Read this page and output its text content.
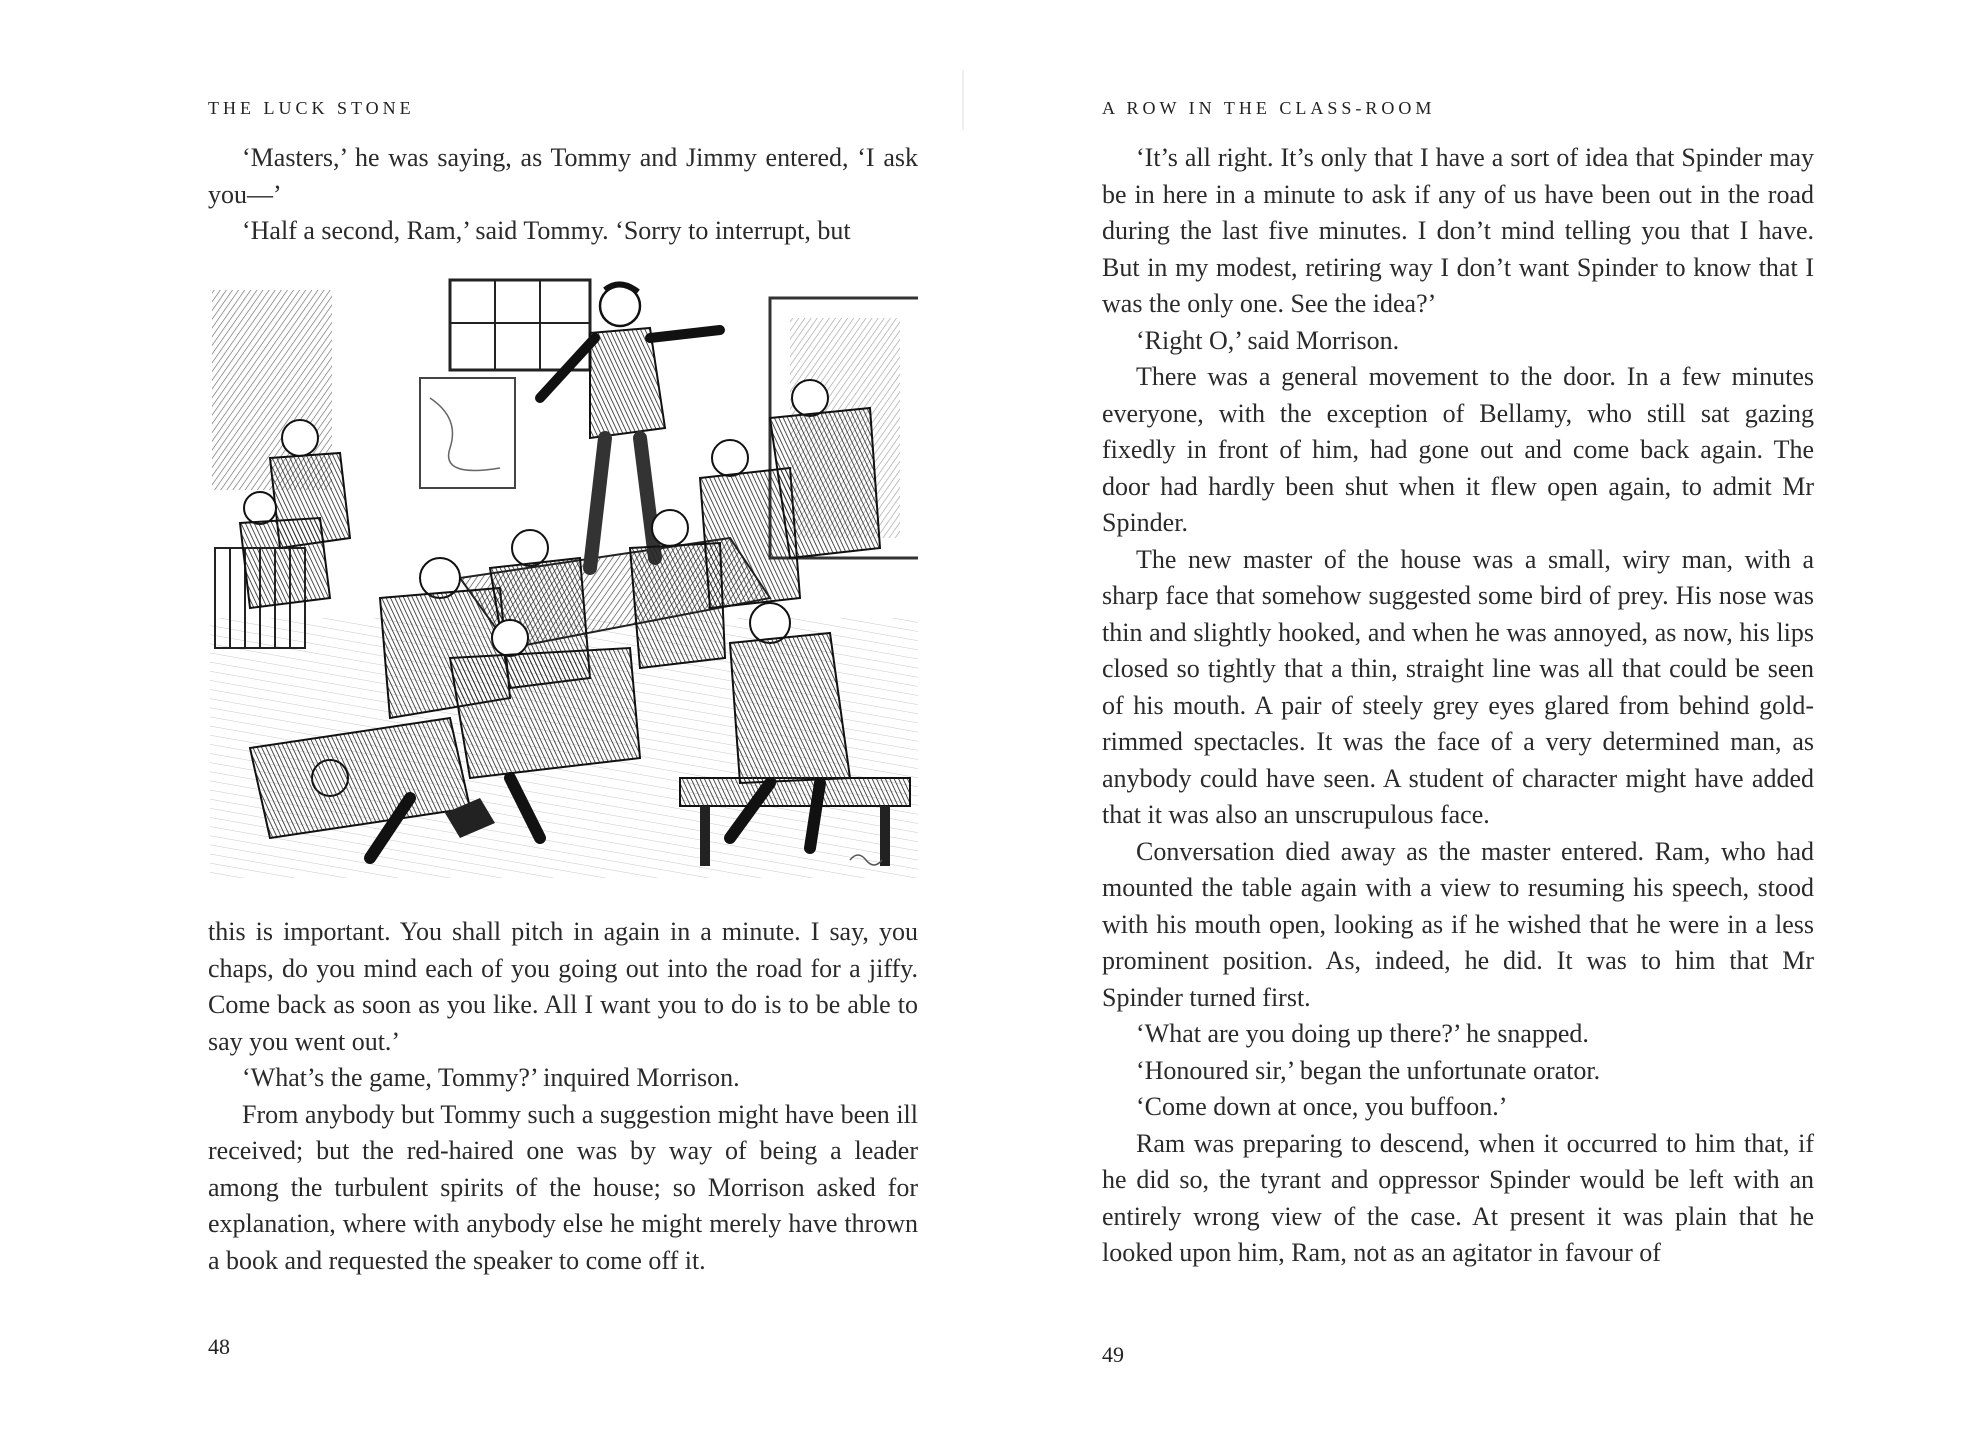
THE LUCK STONE

‘Masters,’ he was saying, as Tommy and Jimmy entered, ‘I ask you—’

‘Half a second, Ram,’ said Tommy. ‘Sorry to interrupt, but

this is important. You shall pitch in again in a minute. I say, you chaps, do you mind each of you going out into the road for a jiffy. Come back as soon as you like. All I want you to do is to be able to say you went out.’

‘What’s the game, Tommy?’ inquired Morrison.

From anybody but Tommy such a suggestion might have been ill received; but the red-haired one was by way of being a leader among the turbulent spirits of the house; so Morrison asked for explanation, where with anybody else he might merely have thrown a book and requested the speaker to come off it.

48
A ROW IN THE CLASS-ROOM

‘It’s all right. It’s only that I have a sort of idea that Spinder may be in here in a minute to ask if any of us have been out in the road during the last five minutes. I don’t mind telling you that I have. But in my modest, retiring way I don’t want Spinder to know that I was the only one. See the idea?’

‘Right O,’ said Morrison.

There was a general movement to the door. In a few minutes everyone, with the exception of Bellamy, who still sat gazing fixedly in front of him, had gone out and come back again. The door had hardly been shut when it flew open again, to admit Mr Spinder.

The new master of the house was a small, wiry man, with a sharp face that somehow suggested some bird of prey. His nose was thin and slightly hooked, and when he was annoyed, as now, his lips closed so tightly that a thin, straight line was all that could be seen of his mouth. A pair of steely grey eyes glared from behind gold-rimmed spectacles. It was the face of a very determined man, as anybody could have seen. A student of character might have added that it was also an unscrupulous face.

Conversation died away as the master entered. Ram, who had mounted the table again with a view to resuming his speech, stood with his mouth open, looking as if he wished that he were in a less prominent position. As, indeed, he did. It was to him that Mr Spinder turned first.

‘What are you doing up there?’ he snapped.

‘Honoured sir,’ began the unfortunate orator.

‘Come down at once, you buffoon.’

Ram was preparing to descend, when it occurred to him that, if he did so, the tyrant and oppressor Spinder would be left with an entirely wrong view of the case. At present it was plain that he looked upon him, Ram, not as an agitator in favour of

49
